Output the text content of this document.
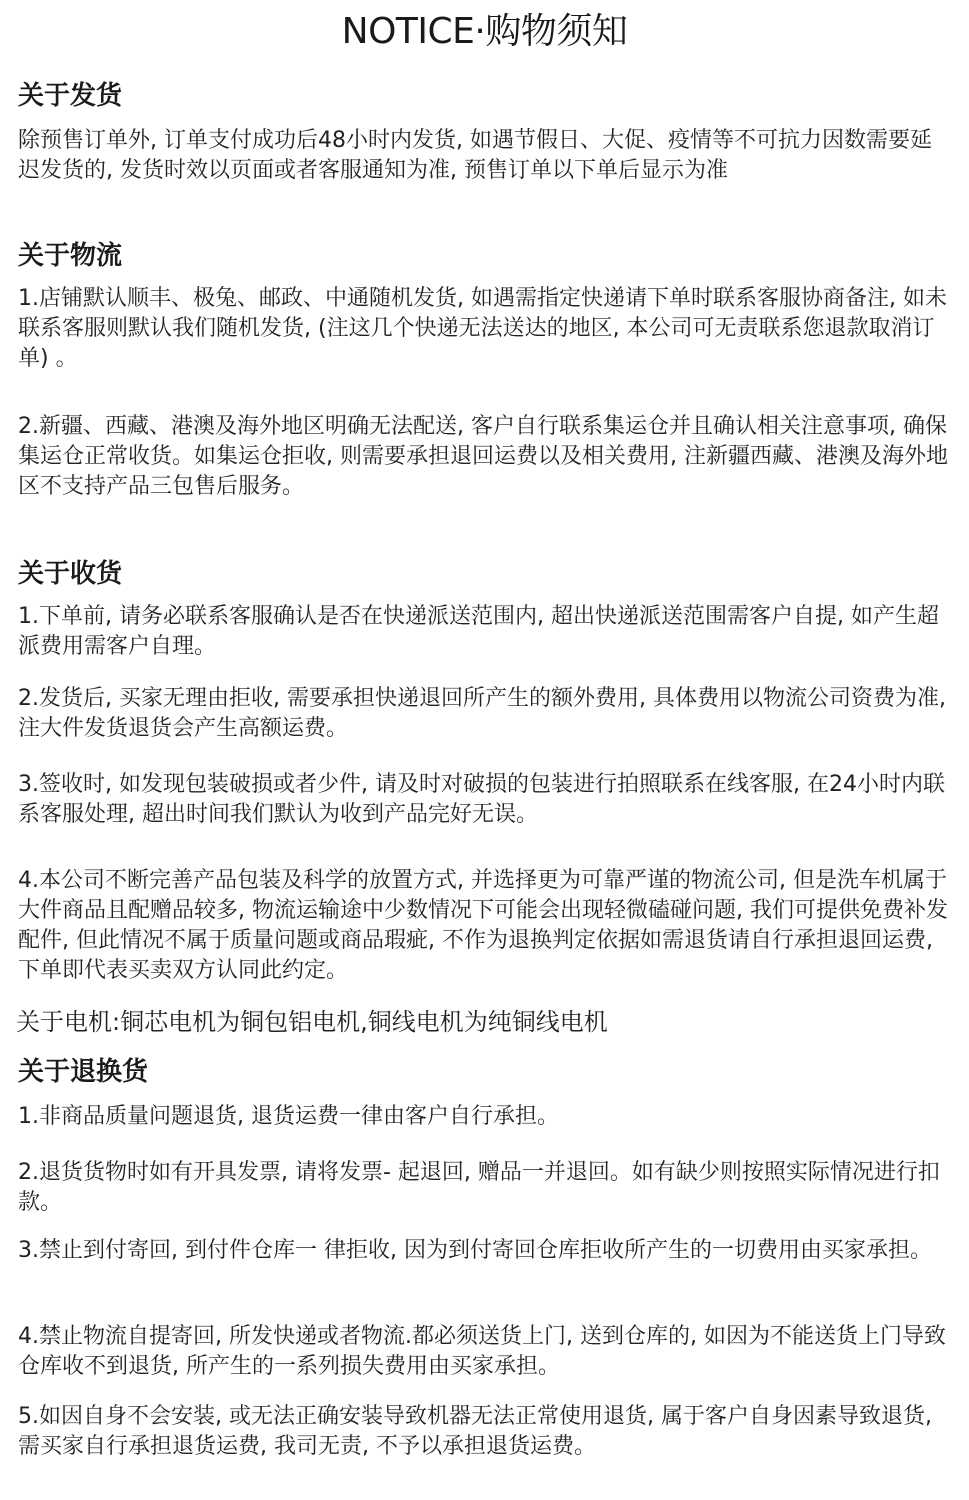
NOTICE·购物须知
关于发货

除预售订单外, 订单支付成功后48小时内发货, 如遇节假日、大促、疫情等不可抗力因数需要延迟发货的, 发货时效以页面或者客服通知为准, 预售订单以下单后显示为准

关于物流

1.店铺默认顺丰、极兔、邮政、中通随机发货, 如遇需指定快递请下单时联系客服协商备注, 如未联系客服则默认我们随机发货, (注这几个快递无法送达的地区, 本公司可无责联系您退款取消订单) 。

2.新疆、西藏、港澳及海外地区明确无法配送, 客户自行联系集运仓并且确认相关注意事项, 确保集运仓正常收货。如集运仓拒收, 则需要承担退回运费以及相关费用, 注新疆西藏、港澳及海外地区不支持产品三包售后服务。

关于收货

1.下单前, 请务必联系客服确认是否在快递派送范围内, 超出快递派送范围需客户自提, 如产生超派费用需客户自理。

2.发货后, 买家无理由拒收, 需要承担快递退回所产生的额外费用, 具体费用以物流公司资费为准, 注大件发货退货会产生高额运费。

3.签收时, 如发现包装破损或者少件, 请及时对破损的包装进行拍照联系在线客服, 在24小时内联系客服处理, 超出时间我们默认为收到产品完好无误。

4.本公司不断完善产品包装及科学的放置方式, 并选择更为可靠严谨的物流公司, 但是洗车机属于大件商品且配赠品较多, 物流运输途中少数情况下可能会出现轻微磕碰问题, 我们可提供免费补发配件, 但此情况不属于质量问题或商品瑕疵, 不作为退换判定依据如需退货请自行承担退回运费,下单即代表买卖双方认同此约定。

关于电机:铜芯电机为铜包铝电机,铜线电机为纯铜线电机

关于退换货

1.非商品质量问题退货, 退货运费一律由客户自行承担。

2.退货货物时如有开具发票, 请将发票- 起退回, 赠品一并退回。如有缺少则按照实际情况进行扣款。

3.禁止到付寄回, 到付件仓库一 律拒收, 因为到付寄回仓库拒收所产生的一切费用由买家承担。

4.禁止物流自提寄回, 所发快递或者物流.都必须送货上门, 送到仓库的, 如因为不能送货上门导致仓库收不到退货, 所产生的一系列损失费用由买家承担。

5.如因自身不会安装, 或无法正确安装导致机器无法正常使用退货, 属于客户自身因素导致退货, 需买家自行承担退货运费, 我司无责, 不予以承担退货运费。
